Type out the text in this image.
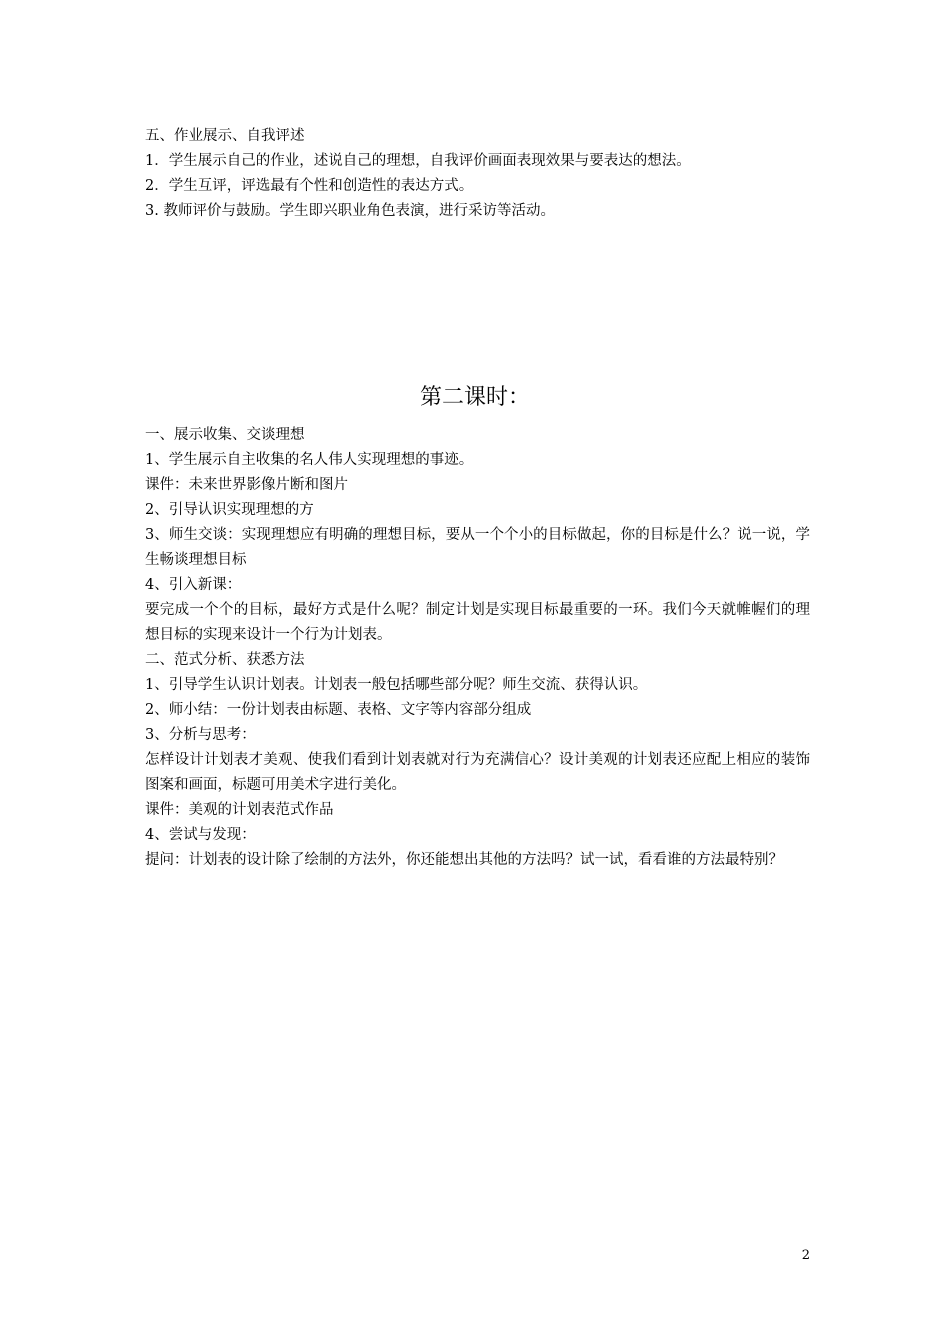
五、作业展示、自我评述
1．学生展示自己的作业，述说自己的理想，自我评价画面表现效果与要表达的想法。
2．学生互评，评选最有个性和创造性的表达方式。
3. 教师评价与鼓励。学生即兴职业角色表演，进行采访等活动。
第二课时：
一、展示收集、交谈理想
1、学生展示自主收集的名人伟人实现理想的事迹。
课件：未来世界影像片断和图片
2、引导认识实现理想的方
3、师生交谈：实现理想应有明确的理想目标，要从一个个小的目标做起，你的目标是什么？说一说，学生畅谈理想目标
4、引入新课：
要完成一个个的目标，最好方式是什么呢？制定计划是实现目标最重要的一环。我们今天就帷幄们的理想目标的实现来设计一个行为计划表。
二、范式分析、获悉方法
1、引导学生认识计划表。计划表一般包括哪些部分呢？师生交流、获得认识。
2、师小结：一份计划表由标题、表格、文字等内容部分组成
3、分析与思考：
怎样设计计划表才美观、使我们看到计划表就对行为充满信心？设计美观的计划表还应配上相应的装饰图案和画面，标题可用美术字进行美化。
课件：美观的计划表范式作品
4、尝试与发现：
提问：计划表的设计除了绘制的方法外，你还能想出其他的方法吗？试一试，看看谁的方法最特别？
2
